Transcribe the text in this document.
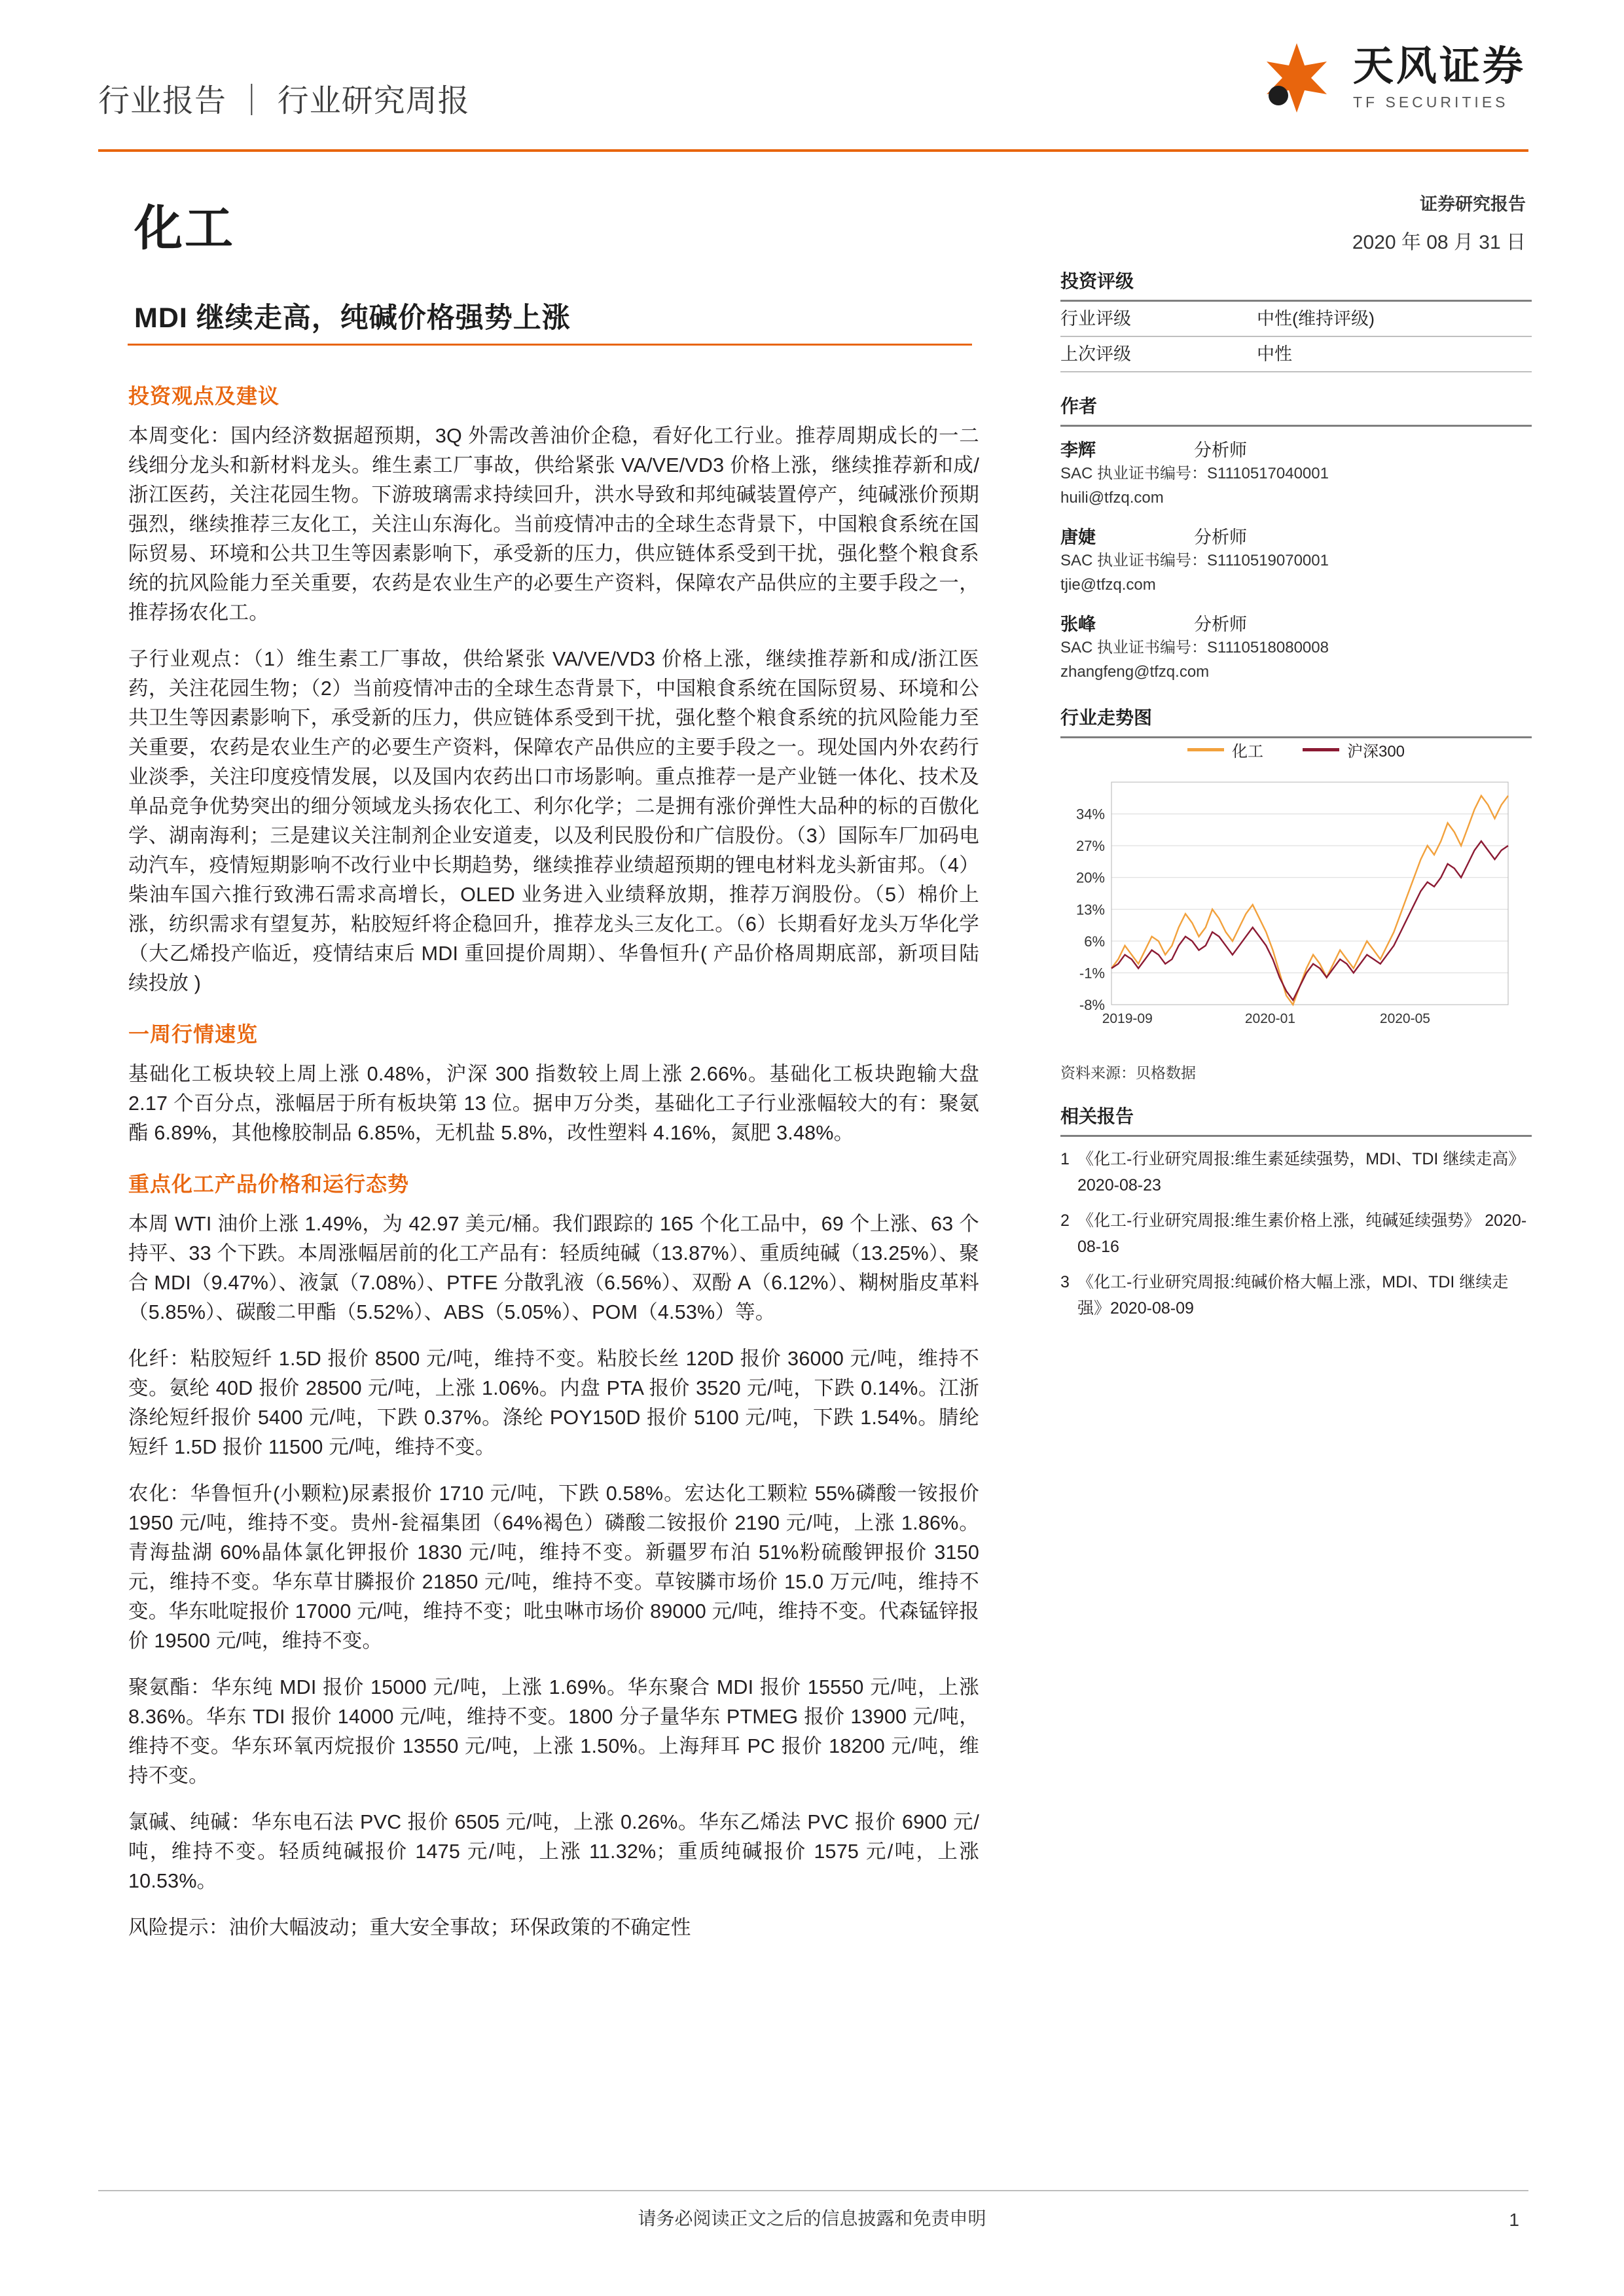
行业报告 ｜ 行业研究周报
天风证券
TF SECURITIES
化工	证券研究报告
2020 年 08 月 31 日
MDI 继续走高，纯碱价格强势上涨
投资观点及建议

本周变化：国内经济数据超预期，3Q 外需改善油价企稳，看好化工行业。推荐周期成长的一二线细分龙头和新材料龙头。维生素工厂事故，供给紧张 VA/VE/VD3 价格上涨，继续推荐新和成/浙江医药，关注花园生物。下游玻璃需求持续回升，洪水导致和邦纯碱装置停产，纯碱涨价预期强烈，继续推荐三友化工，关注山东海化。当前疫情冲击的全球生态背景下，中国粮食系统在国际贸易、环境和公共卫生等因素影响下，承受新的压力，供应链体系受到干扰，强化整个粮食系统的抗风险能力至关重要，农药是农业生产的必要生产资料，保障农产品供应的主要手段之一，推荐扬农化工。

子行业观点：（1）维生素工厂事故，供给紧张 VA/VE/VD3 价格上涨，继续推荐新和成/浙江医药，关注花园生物；（2）当前疫情冲击的全球生态背景下，中国粮食系统在国际贸易、环境和公共卫生等因素影响下，承受新的压力，供应链体系受到干扰，强化整个粮食系统的抗风险能力至关重要，农药是农业生产的必要生产资料，保障农产品供应的主要手段之一。现处国内外农药行业淡季，关注印度疫情发展，以及国内农药出口市场影响。重点推荐一是产业链一体化、技术及单品竞争优势突出的细分领域龙头扬农化工、利尔化学；二是拥有涨价弹性大品种的标的百傲化学、湖南海利；三是建议关注制剂企业安道麦，以及利民股份和广信股份。（3）国际车厂加码电动汽车，疫情短期影响不改行业中长期趋势，继续推荐业绩超预期的锂电材料龙头新宙邦。（4）柴油车国六推行致沸石需求高增长，OLED 业务进入业绩释放期，推荐万润股份。（5）棉价上涨，纺织需求有望复苏，粘胶短纤将企稳回升，推荐龙头三友化工。（6）长期看好龙头万华化学（大乙烯投产临近，疫情结束后 MDI 重回提价周期）、华鲁恒升( 产品价格周期底部，新项目陆续投放 )

一周行情速览

基础化工板块较上周上涨 0.48%，沪深 300 指数较上周上涨 2.66%。基础化工板块跑输大盘 2.17 个百分点，涨幅居于所有板块第 13 位。据申万分类，基础化工子行业涨幅较大的有：聚氨酯 6.89%，其他橡胶制品 6.85%，无机盐 5.8%，改性塑料 4.16%，氮肥 3.48%。

重点化工产品价格和运行态势

本周 WTI 油价上涨 1.49%，为 42.97 美元/桶。我们跟踪的 165 个化工品中，69 个上涨、63 个持平、33 个下跌。本周涨幅居前的化工产品有：轻质纯碱（13.87%）、重质纯碱（13.25%）、聚合 MDI（9.47%）、液氯（7.08%）、PTFE 分散乳液（6.56%）、双酚 A（6.12%）、糊树脂皮革料（5.85%）、碳酸二甲酯（5.52%）、ABS（5.05%）、POM（4.53%）等。

化纤：粘胶短纤 1.5D 报价 8500 元/吨，维持不变。粘胶长丝 120D 报价 36000 元/吨，维持不变。氨纶 40D 报价 28500 元/吨，上涨 1.06%。内盘 PTA 报价 3520 元/吨，下跌 0.14%。江浙涤纶短纤报价 5400 元/吨，下跌 0.37%。涤纶 POY150D 报价 5100 元/吨，下跌 1.54%。腈纶短纤 1.5D 报价 11500 元/吨，维持不变。

农化：华鲁恒升(小颗粒)尿素报价 1710 元/吨，下跌 0.58%。宏达化工颗粒 55%磷酸一铵报价 1950 元/吨，维持不变。贵州-瓮福集团（64%褐色）磷酸二铵报价 2190 元/吨，上涨 1.86%。青海盐湖 60%晶体氯化钾报价 1830 元/吨，维持不变。新疆罗布泊 51%粉硫酸钾报价 3150 元，维持不变。华东草甘膦报价 21850 元/吨，维持不变。草铵膦市场价 15.0 万元/吨，维持不变。华东吡啶报价 17000 元/吨，维持不变；吡虫啉市场价 89000 元/吨，维持不变。代森锰锌报价 19500 元/吨，维持不变。

聚氨酯：华东纯 MDI 报价 15000 元/吨，上涨 1.69%。华东聚合 MDI 报价 15550 元/吨，上涨 8.36%。华东 TDI 报价 14000 元/吨，维持不变。1800 分子量华东 PTMEG 报价 13900 元/吨，维持不变。华东环氧丙烷报价 13550 元/吨，上涨 1.50%。上海拜耳 PC 报价 18200 元/吨，维持不变。

氯碱、纯碱：华东电石法 PVC 报价 6505 元/吨，上涨 0.26%。华东乙烯法 PVC 报价 6900 元/吨，维持不变。轻质纯碱报价 1475 元/吨，上涨 11.32%；重质纯碱报价 1575 元/吨，上涨 10.53%。

风险提示：油价大幅波动；重大安全事故；环保政策的不确定性

投资评级
行业评级	中性(维持评级)
上次评级	中性
作者
李辉	分析师
SAC 执业证书编号：S1110517040001
huili@tfzq.com
唐婕	分析师
SAC 执业证书编号：S1110519070001
tjie@tfzq.com
张峰	分析师
SAC 执业证书编号：S1110518080008
zhangfeng@tfzq.com
行业走势图
化工	沪深300
34%
27%
20%
13%
6%
-1%
-8%
2019-09	2020-01	2020-05
资料来源：贝格数据
相关报告
1 《化工-行业研究周报:维生素延续强势，MDI、TDI 继续走高》 2020-08-23
2 《化工-行业研究周报:维生素价格上涨，纯碱延续强势》 2020-08-16
3 《化工-行业研究周报:纯碱价格大幅上涨，MDI、TDI 继续走强》2020-08-09
请务必阅读正文之后的信息披露和免责申明	1
